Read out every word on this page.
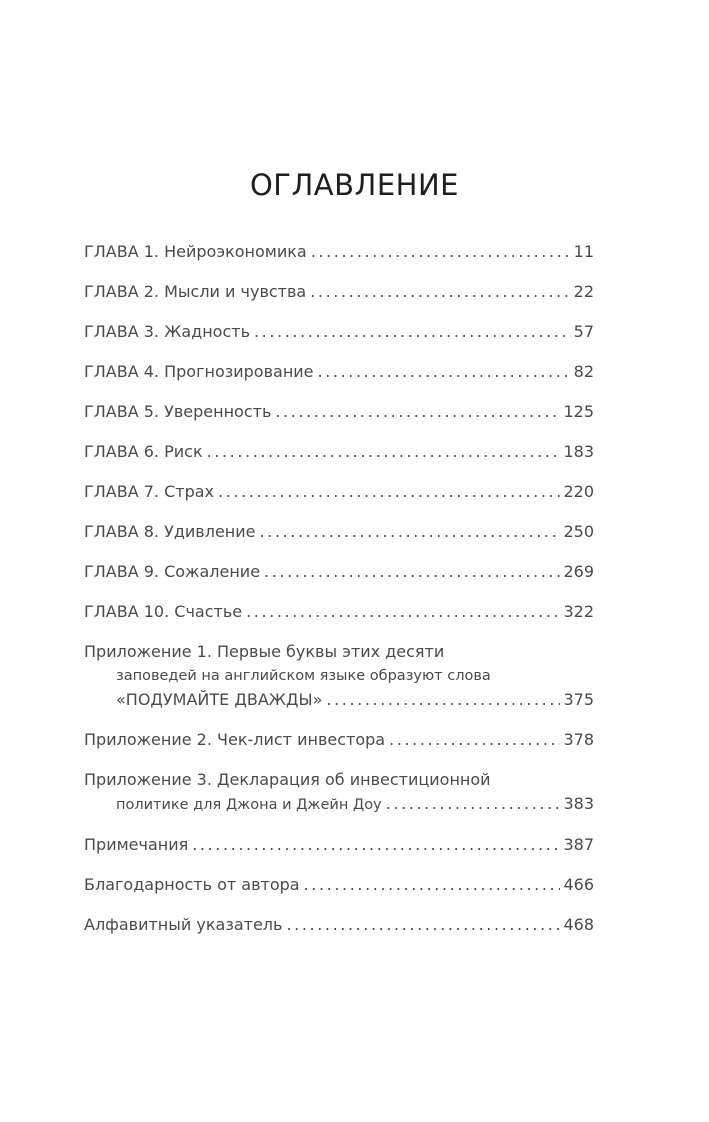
ОГЛАВЛЕНИЕ
ГЛАВА 1. Нейроэкономика .....	11
ГЛАВА 2. Мысли и чувства .....	22
ГЛАВА 3. Жадность .....	57
ГЛАВА 4. Прогнозирование .....	82
ГЛАВА 5. Уверенность .....	125
ГЛАВА 6. Риск .....	183
ГЛАВА 7. Страх .....	220
ГЛАВА 8. Удивление .....	250
ГЛАВА 9. Сожаление .....	269
ГЛАВА 10. Счастье .....	322
Приложение 1. Первые буквы этих десяти
заповедей на английском языке образуют слова
«ПОДУМАЙТЕ ДВАЖДЫ» .....	375
Приложение 2. Чек-лист инвестора .....	378
Приложение 3. Декларация об инвестиционной
политике для Джона и Джейн Доу .....	383
Примечания .....	387
Благодарность от автора .....	466
Алфавитный указатель .....	468
